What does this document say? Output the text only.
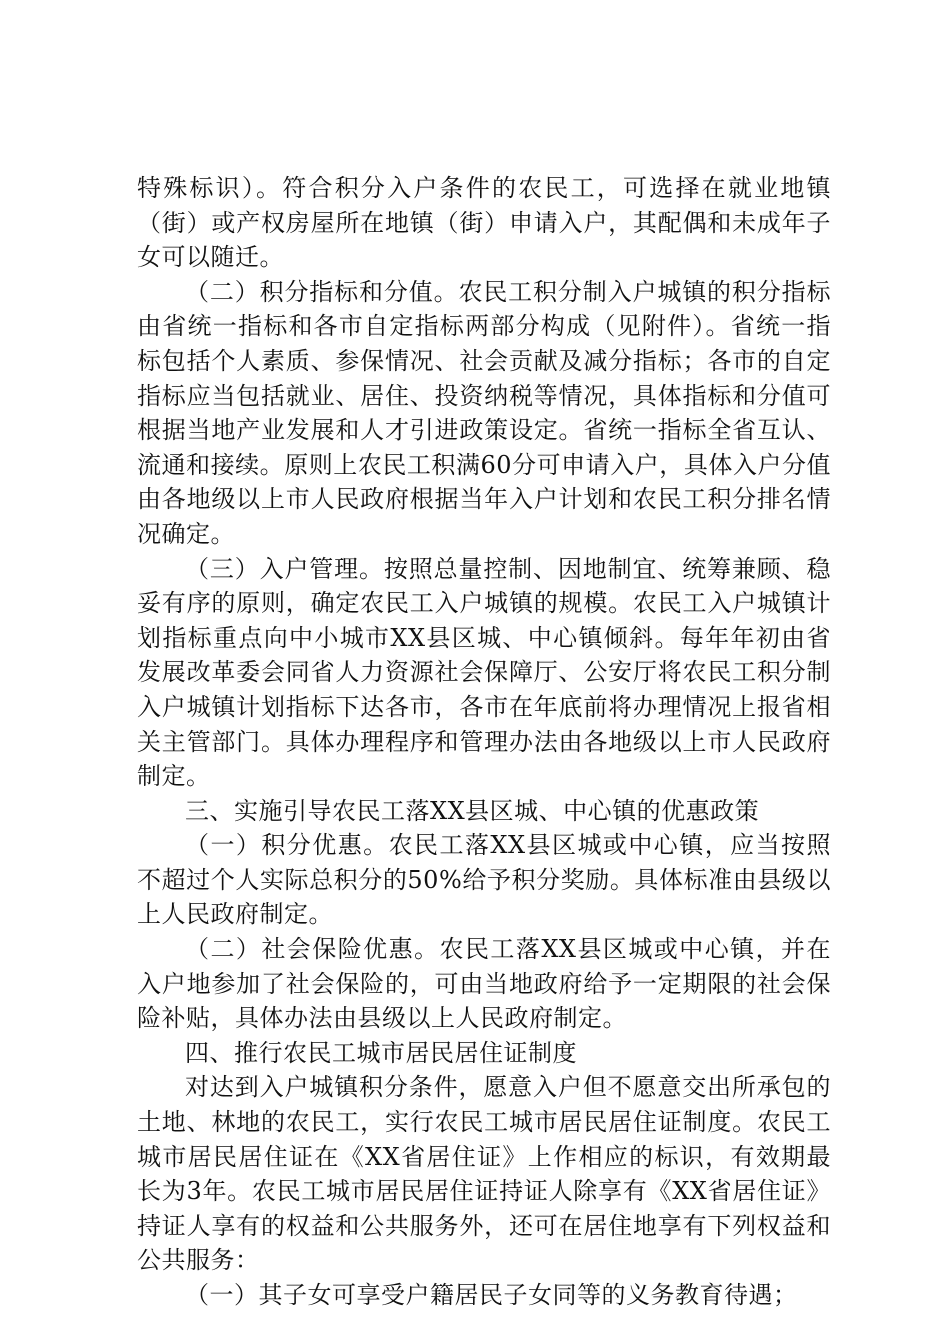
特殊标识）。符合积分入户条件的农民工，可选择在就业地镇（街）或产权房屋所在地镇（街）申请入户，其配偶和未成年子女可以随迁。

（二）积分指标和分值。农民工积分制入户城镇的积分指标由省统一指标和各市自定指标两部分构成（见附件）。省统一指标包括个人素质、参保情况、社会贡献及减分指标；各市的自定指标应当包括就业、居住、投资纳税等情况，具体指标和分值可根据当地产业发展和人才引进政策设定。省统一指标全省互认、流通和接续。原则上农民工积满60分可申请入户，具体入户分值由各地级以上市人民政府根据当年入户计划和农民工积分排名情况确定。

（三）入户管理。按照总量控制、因地制宜、统筹兼顾、稳妥有序的原则，确定农民工入户城镇的规模。农民工入户城镇计划指标重点向中小城市XX县区城、中心镇倾斜。每年年初由省发展改革委会同省人力资源社会保障厅、公安厅将农民工积分制入户城镇计划指标下达各市，各市在年底前将办理情况上报省相关主管部门。具体办理程序和管理办法由各地级以上市人民政府制定。

三、实施引导农民工落XX县区城、中心镇的优惠政策

（一）积分优惠。农民工落XX县区城或中心镇，应当按照不超过个人实际总积分的50%给予积分奖励。具体标准由县级以上人民政府制定。

（二）社会保险优惠。农民工落XX县区城或中心镇，并在入户地参加了社会保险的，可由当地政府给予一定期限的社会保险补贴，具体办法由县级以上人民政府制定。

四、推行农民工城市居民居住证制度

对达到入户城镇积分条件，愿意入户但不愿意交出所承包的土地、林地的农民工，实行农民工城市居民居住证制度。农民工城市居民居住证在《XX省居住证》上作相应的标识，有效期最长为3年。农民工城市居民居住证持证人除享有《XX省居住证》持证人享有的权益和公共服务外，还可在居住地享有下列权益和公共服务：

（一）其子女可享受户籍居民子女同等的义务教育待遇；
